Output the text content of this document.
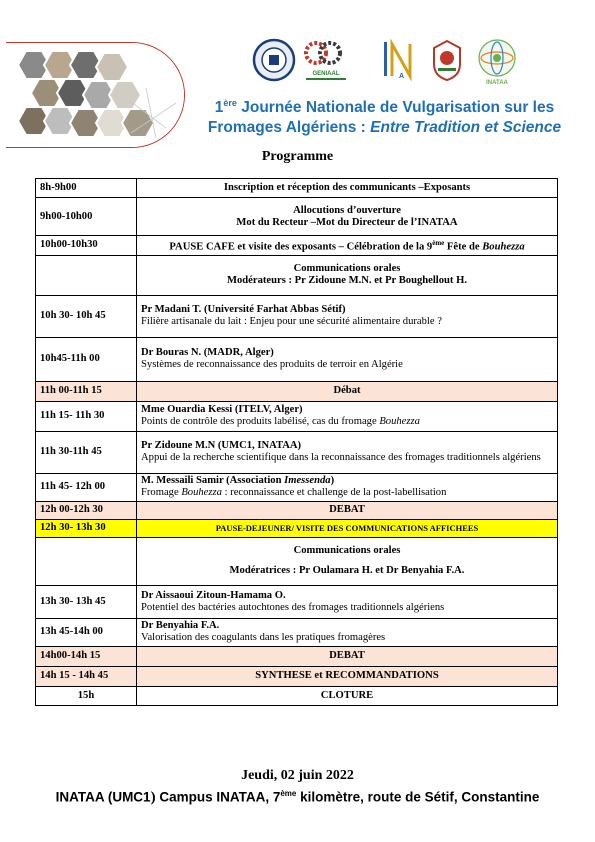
GENIAAL	A
INATAA
1ère Journée Nationale de Vulgarisation sur les
Fromages Algériens : Entre Tradition et Science
Programme
8h-9h00	Inscription et réception des communicants –Exposants
9h00-10h00	Allocutions d’ouverture
Mot du Recteur –Mot du Directeur de l’INATAA

10h00-10h30	PAUSE CAFE et visite des exposants – Célébration de la 9ème Fête de Bouhezza

	Communications orales
Modérateurs : Pr Zidoune M.N. et Pr Boughellout H.

10h 30- 10h 45	Pr Madani T. (Université Farhat Abbas Sétif)
Filière artisanale du lait : Enjeu pour une sécurité alimentaire durable ?

10h45-11h 00	Dr Bouras N. (MADR, Alger)
Systèmes de reconnaissance des produits de terroir en Algérie

11h 00-11h 15	Débat
11h 15- 11h 30	Mme Ouardia Kessi (ITELV, Alger)
Points de contrôle des produits labélisé, cas du fromage Bouhezza

11h 30-11h 45	Pr Zidoune M.N (UMC1, INATAA)
Appui de la recherche scientifique dans la reconnaissance des fromages traditionnels algériens

11h 45- 12h 00	M. Messaili Samir (Association Imessenda)
Fromage Bouhezza : reconnaissance et challenge de la post-labellisation

12h 00-12h 30	DEBAT
12h 30- 13h 30	PAUSE-DEJEUNER/ VISITE DES COMMUNICATIONS AFFICHEES

	Communications orales
Modératrices : Pr Oulamara H. et Dr Benyahia F.A.

13h 30- 13h 45	Dr Aissaoui Zitoun-Hamama O.
Potentiel des bactéries autochtones des fromages traditionnels algériens

13h 45-14h 00	Dr Benyahia F.A.
Valorisation des coagulants dans les pratiques fromagères

14h00-14h 15	DEBAT
14h 15 - 14h 45	SYNTHESE et RECOMMANDATIONS
15h	CLOTURE
Jeudi, 02 juin 2022
INATAA (UMC1) Campus INATAA, 7ème kilomètre, route de Sétif, Constantine
